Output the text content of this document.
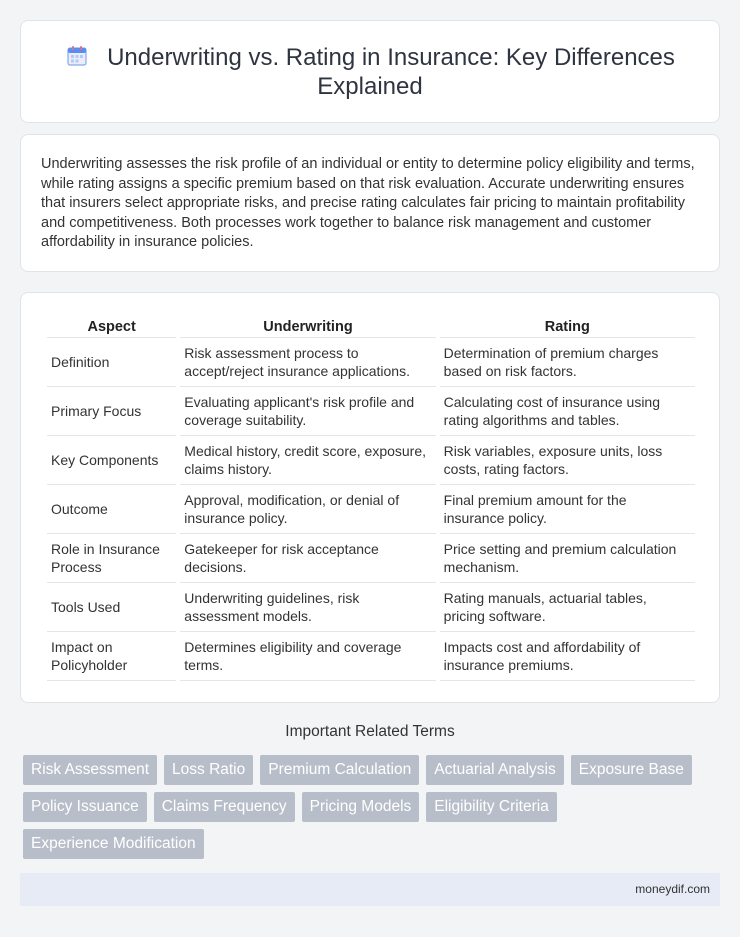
Underwriting vs. Rating in Insurance: Key Differences Explained

Underwriting assesses the risk profile of an individual or entity to determine policy eligibility and terms, while rating assigns a specific premium based on that risk evaluation. Accurate underwriting ensures that insurers select appropriate risks, and precise rating calculates fair pricing to maintain profitability and competitiveness. Both processes work together to balance risk management and customer affordability in insurance policies.

Aspect	Underwriting	Rating
Definition	Risk assessment process to accept/reject insurance applications.	Determination of premium charges based on risk factors.
Primary Focus	Evaluating applicant's risk profile and coverage suitability.	Calculating cost of insurance using rating algorithms and tables.
Key Components	Medical history, credit score, exposure, claims history.	Risk variables, exposure units, loss costs, rating factors.
Outcome	Approval, modification, or denial of insurance policy.	Final premium amount for the insurance policy.
Role in Insurance Process	Gatekeeper for risk acceptance decisions.	Price setting and premium calculation mechanism.
Tools Used	Underwriting guidelines, risk assessment models.	Rating manuals, actuarial tables, pricing software.
Impact on Policyholder	Determines eligibility and coverage terms.	Impacts cost and affordability of insurance premiums.
Important Related Terms
Risk Assessment	Loss Ratio	Premium Calculation	Actuarial Analysis	Exposure Base
Policy Issuance	Claims Frequency	Pricing Models	Eligibility Criteria
Experience Modification
moneydif.com
